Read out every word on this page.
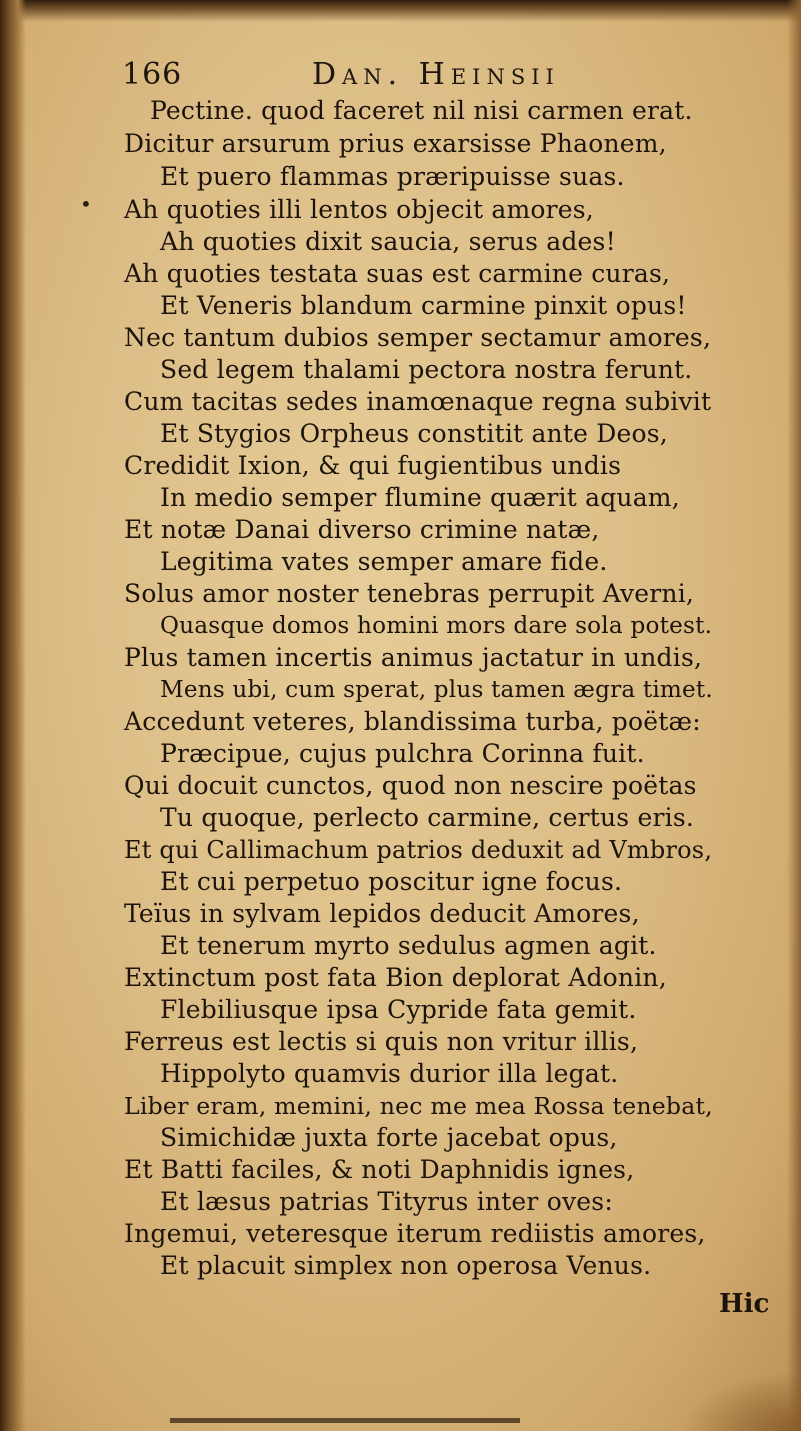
166	Dan. Heinsii
•
Pectine. quod faceret nil nisi carmen erat.
Dicitur arsurum prius exarsisse Phaonem,
Et puero flammas præripuisse suas.
Ah quoties illi lentos objecit amores,
Ah quoties dixit saucia, serus ades!
Ah quoties testata suas est carmine curas,
Et Veneris blandum carmine pinxit opus!
Nec tantum dubios semper sectamur amores,
Sed legem thalami pectora nostra ferunt.
Cum tacitas sedes inamœnaque regna subivit
Et Stygios Orpheus constitit ante Deos,
Credidit Ixion, & qui fugientibus undis
In medio semper flumine quærit aquam,
Et notæ Danai diverso crimine natæ,
Legitima vates semper amare fide.
Solus amor noster tenebras perrupit Averni,
Quasque domos homini mors dare sola potest.
Plus tamen incertis animus jactatur in undis,
Mens ubi, cum sperat, plus tamen ægra timet.
Accedunt veteres, blandissima turba, poëtæ:
Præcipue, cujus pulchra Corinna fuit.
Qui docuit cunctos, quod non nescire poëtas
Tu quoque, perlecto carmine, certus eris.
Et qui Callimachum patrios deduxit ad Vmbros,
Et cui perpetuo poscitur igne focus.
Teïus in sylvam lepidos deducit Amores,
Et tenerum myrto sedulus agmen agit.
Extinctum post fata Bion deplorat Adonin,
Flebiliusque ipsa Cypride fata gemit.
Ferreus est lectis si quis non vritur illis,
Hippolyto quamvis durior illa legat.
Liber eram, memini, nec me mea Rossa tenebat,
Simichidæ juxta forte jacebat opus,
Et Batti faciles, & noti Daphnidis ignes,
Et læsus patrias Tityrus inter oves:
Ingemui, veteresque iterum rediistis amores,
Et placuit simplex non operosa Venus.
Hic
